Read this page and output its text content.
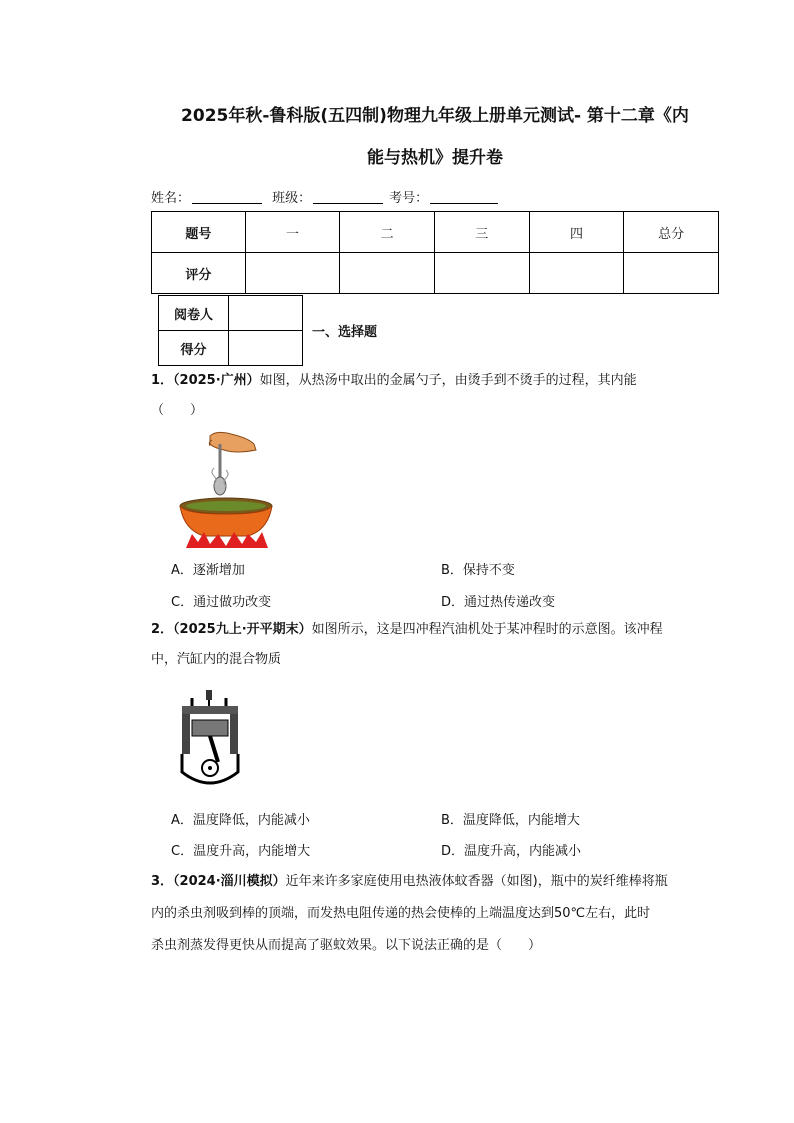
2025年秋-鲁科版(五四制)物理九年级上册单元测试- 第十二章《内
能与热机》提升卷
姓名：	班级：	考号：
题号	一	二	三	四	总分
评分					
阅卷人	
得分	
一、选择题
1．（2025·广州）如图，从热汤中取出的金属勺子，由烫手到不烫手的过程，其内能
（　　）
A．逐渐增加	B．保持不变
C．通过做功改变	D．通过热传递改变
2．（2025九上·开平期末）如图所示，这是四冲程汽油机处于某冲程时的示意图。该冲程
中，汽缸内的混合物质
A．温度降低，内能减小	B．温度降低，内能增大
C．温度升高，内能增大	D．温度升高，内能减小
3．（2024·淄川模拟）近年来许多家庭使用电热液体蚊香器（如图)，瓶中的炭纤维棒将瓶
内的杀虫剂吸到棒的顶端，而发热电阻传递的热会使棒的上端温度达到50℃左右，此时
杀虫剂蒸发得更快从而提高了驱蚊效果。以下说法正确的是（　　）
